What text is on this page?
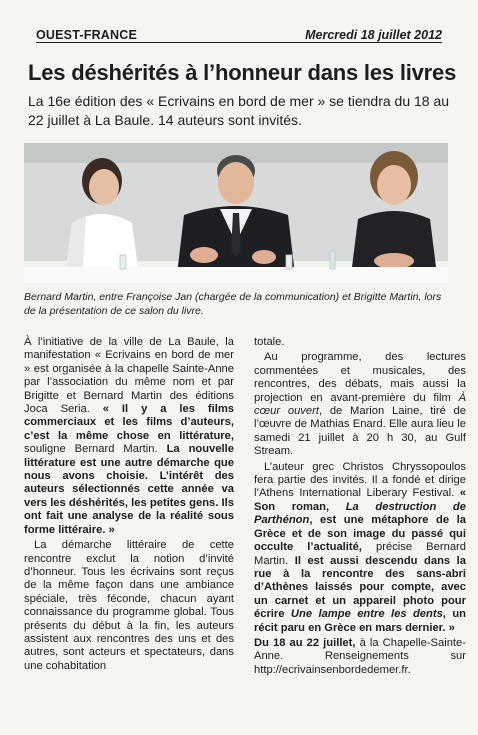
OUEST-FRANCE	Mercredi 18 juillet 2012
Les déshérités à l’honneur dans les livres

La 16e édition des « Ecrivains en bord de mer » se tiendra du 18 au 22 juillet à La Baule. 14 auteurs sont invités.

Bernard Martin, entre Françoise Jan (chargée de la communication) et Brigitte Martin, lors de la présentation de ce salon du livre.

À l’initiative de la ville de La Baule, la manifestation « Ecrivains en bord de mer » est organisée à la chapelle Sainte-Anne par l’association du même nom et par Brigitte et Bernard Martin des éditions Joca Seria. « Il y a les films commerciaux et les films d’auteurs, c’est la même chose en littérature, souligne Bernard Martin. La nouvelle littérature est une autre démarche que nous avons choisie. L’intérêt des auteurs sélectionnés cette année va vers les déshérités, les petites gens. Ils ont fait une analyse de la réalité sous forme littéraire. »

La démarche littéraire de cette rencontre exclut la notion d’invité d’honneur. Tous les écrivains sont reçus de la même façon dans une ambiance spéciale, très féconde, chacun ayant connaissance du programme global. Tous présents du début à la fin, les auteurs assistent aux rencontres des uns et des autres, sont acteurs et spectateurs, dans une cohabitation

totale.

Au programme, des lectures commentées et musicales, des rencontres, des débats, mais aussi la projection en avant-première du film À cœur ouvert, de Marion Laine, tiré de l’œuvre de Mathias Enard. Elle aura lieu le samedi 21 juillet à 20 h 30, au Gulf Stream.

L’auteur grec Christos Chryssopoulos fera partie des invités. Il a fondé et dirige l’Athens International Liberary Festival. « Son roman, La destruction de Parthénon, est une métaphore de la Grèce et de son image du passé qui occulte l’actualité, précise Bernard Martin. Il est aussi descendu dans la rue à la rencontre des sans-abri d’Athènes laissés pour compte, avec un carnet et un appareil photo pour écrire Une lampe entre les dents, un récit paru en Grèce en mars dernier. »

Du 18 au 22 juillet, à la Chapelle-Sainte-Anne. Renseignements sur http://ecrivainsenbordedemer.fr.
